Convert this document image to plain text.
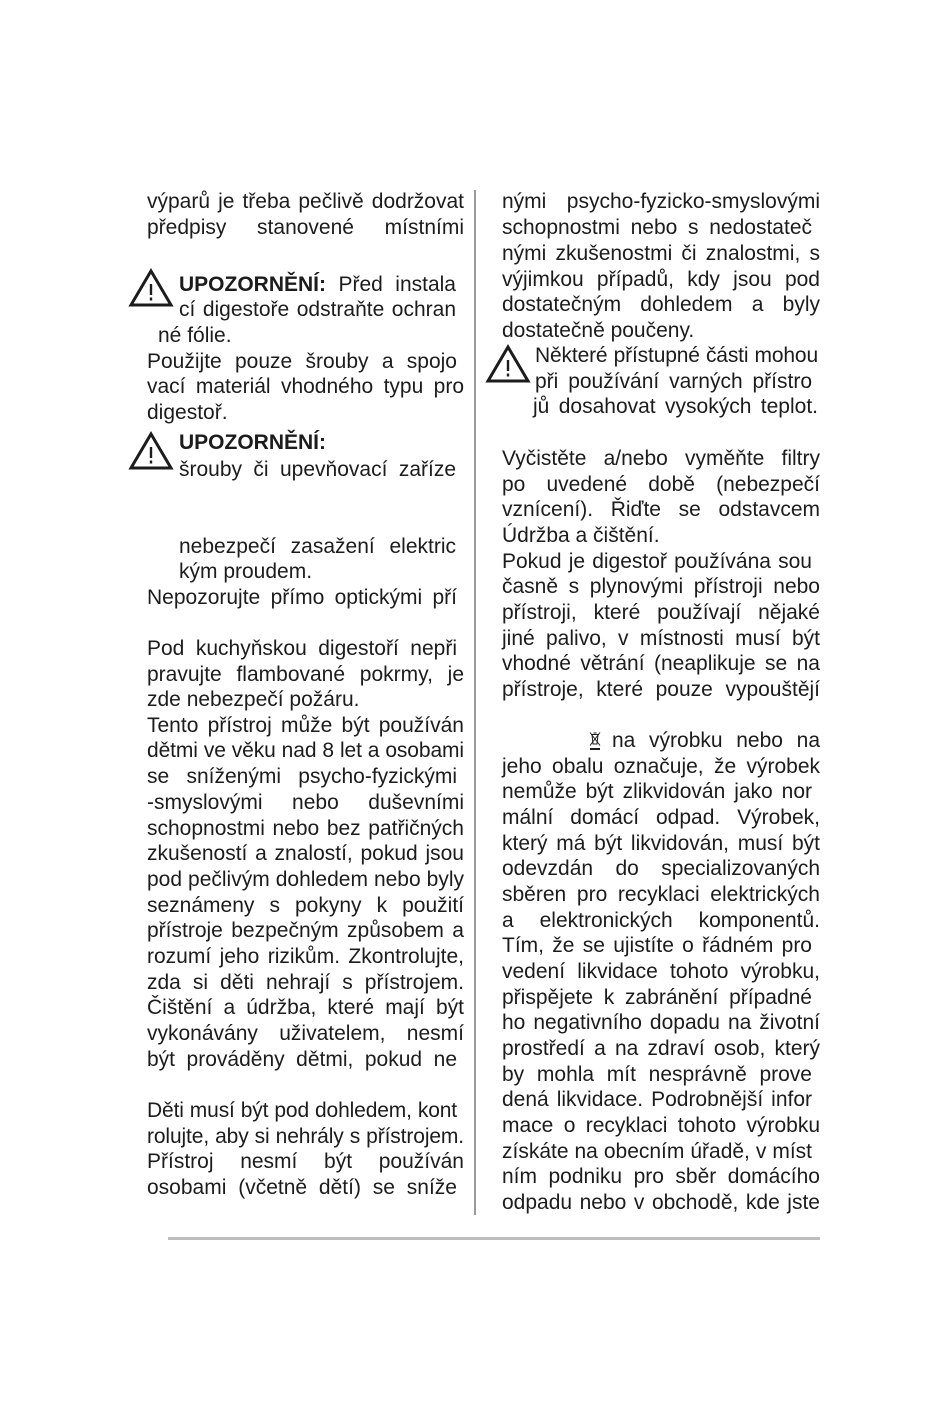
výparů je třeba pečlivě dodržovat
předpisy stanovené místními
UPOZORNĚNÍ: Před instala
cí digestoře odstraňte ochran
né fólie.
Použijte pouze šrouby a spojo
vací materiál vhodného typu pro
digestoř.
UPOZORNĚNÍ:
šrouby či upevňovací zaříze
nebezpečí zasažení elektric
kým proudem.
Nepozorujte přímo optickými pří
Pod kuchyňskou digestoří nepři
pravujte flambované pokrmy, je
zde nebezpečí požáru.
Tento přístroj může být používán
dětmi ve věku nad 8 let a osobami
se sníženými psycho-fyzickými
-smyslovými nebo duševními
schopnostmi nebo bez patřičných
zkušeností a znalostí, pokud jsou
pod pečlivým dohledem nebo byly
seznámeny s pokyny k použití
přístroje bezpečným způsobem a
rozumí jeho rizikům. Zkontrolujte,
zda si děti nehrají s přístrojem.
Čištění a údržba, které mají být
vykonávány uživatelem, nesmí
být prováděny dětmi, pokud ne
Děti musí být pod dohledem, kont
rolujte, aby si nehrály s přístrojem.
Přístroj nesmí být používán
osobami (včetně dětí) se sníže
nými psycho-fyzicko-smyslovými
schopnostmi nebo s nedostateč
nými zkušenostmi či znalostmi, s
výjimkou případů, kdy jsou pod
dostatečným dohledem a byly
dostatečně poučeny.
Některé přístupné části mohou
při používání varných přístro
jů dosahovat vysokých teplot.
Vyčistěte a/nebo vyměňte filtry
po uvedené době (nebezpečí
vznícení). Řiďte se odstavcem
Údržba a čištění.
Pokud je digestoř používána sou
časně s plynovými přístroji nebo
přístroji, které používají nějaké
jiné palivo, v místnosti musí být
vhodné větrání (neaplikuje se na
přístroje, které pouze vypouštějí
na výrobku nebo na
jeho obalu označuje, že výrobek
nemůže být zlikvidován jako nor
mální domácí odpad. Výrobek,
který má být likvidován, musí být
odevzdán do specializovaných
sběren pro recyklaci elektrických
a elektronických komponentů.
Tím, že se ujistíte o řádném pro
vedení likvidace tohoto výrobku,
přispějete k zabránění případné
ho negativního dopadu na životní
prostředí a na zdraví osob, který
by mohla mít nesprávně prove
dená likvidace. Podrobnější infor
mace o recyklaci tohoto výrobku
získáte na obecním úřadě, v míst
ním podniku pro sběr domácího
odpadu nebo v obchodě, kde jste
